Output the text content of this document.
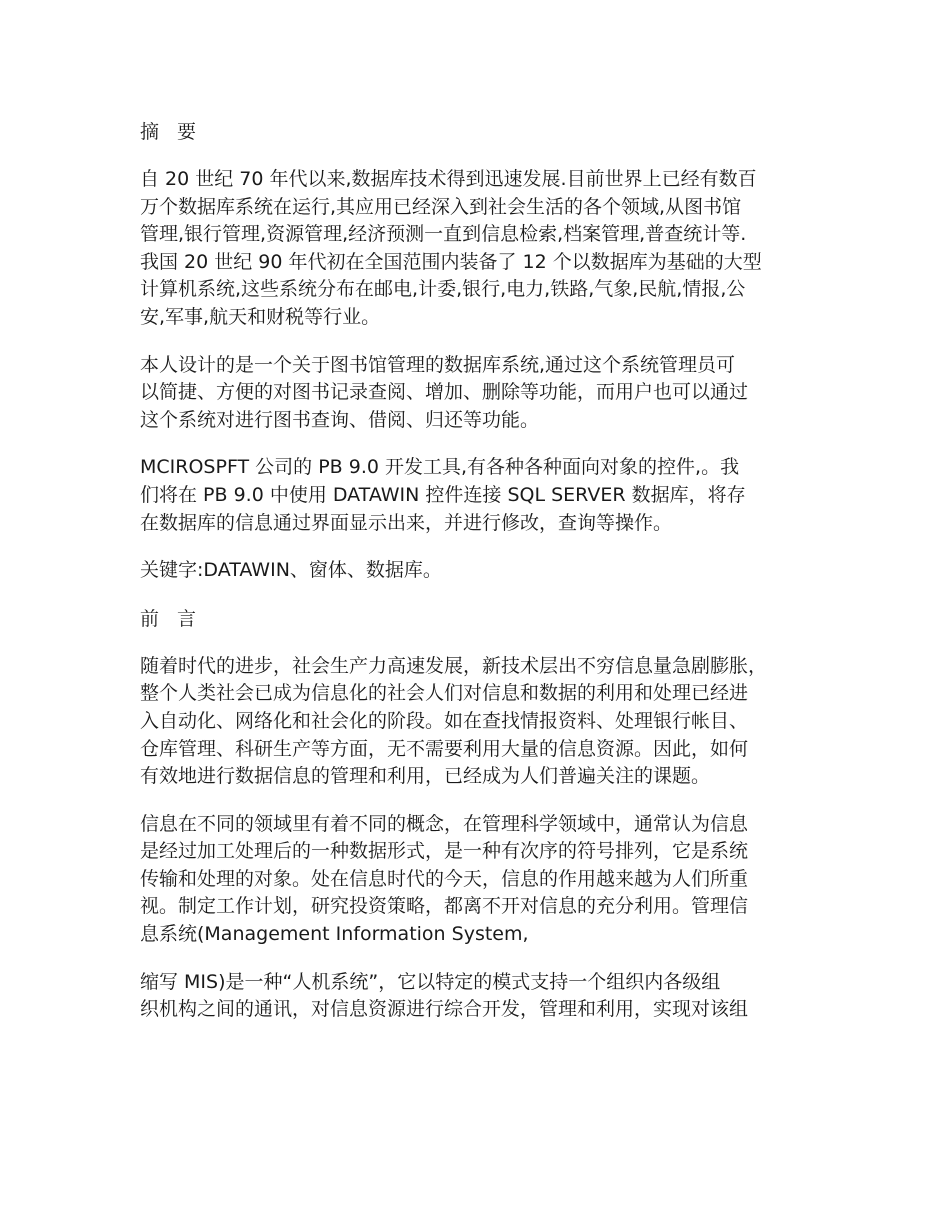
摘 要
自 20 世纪 70 年代以来,数据库技术得到迅速发展.目前世界上已经有数百
万个数据库系统在运行,其应用已经深入到社会生活的各个领域,从图书馆
管理,银行管理,资源管理,经济预测一直到信息检索,档案管理,普查统计等.
我国 20 世纪 90 年代初在全国范围内装备了 12 个以数据库为基础的大型
计算机系统,这些系统分布在邮电,计委,银行,电力,铁路,气象,民航,情报,公
安,军事,航天和财税等行业。
本人设计的是一个关于图书馆管理的数据库系统,通过这个系统管理员可
以简捷、方便的对图书记录查阅、增加、删除等功能，而用户也可以通过
这个系统对进行图书查询、借阅、归还等功能。
MCIROSPFT 公司的 PB 9.0 开发工具,有各种各种面向对象的控件,。我
们将在 PB 9.0 中使用 DATAWIN 控件连接 SQL SERVER 数据库，将存
在数据库的信息通过界面显示出来，并进行修改，查询等操作。
关键字:DATAWIN、窗体、数据库。
前 言
随着时代的进步，社会生产力高速发展，新技术层出不穷信息量急剧膨胀，
整个人类社会已成为信息化的社会人们对信息和数据的利用和处理已经进
入自动化、网络化和社会化的阶段。如在查找情报资料、处理银行帐目、
仓库管理、科研生产等方面，无不需要利用大量的信息资源。因此，如何
有效地进行数据信息的管理和利用，已经成为人们普遍关注的课题。
信息在不同的领域里有着不同的概念，在管理科学领域中，通常认为信息
是经过加工处理后的一种数据形式，是一种有次序的符号排列，它是系统
传输和处理的对象。处在信息时代的今天，信息的作用越来越为人们所重
视。制定工作计划，研究投资策略，都离不开对信息的充分利用。管理信
息系统(Management Information System,
缩写 MIS)是一种“人机系统”，它以特定的模式支持一个组织内各级组
织机构之间的通讯，对信息资源进行综合开发，管理和利用，实现对该组
